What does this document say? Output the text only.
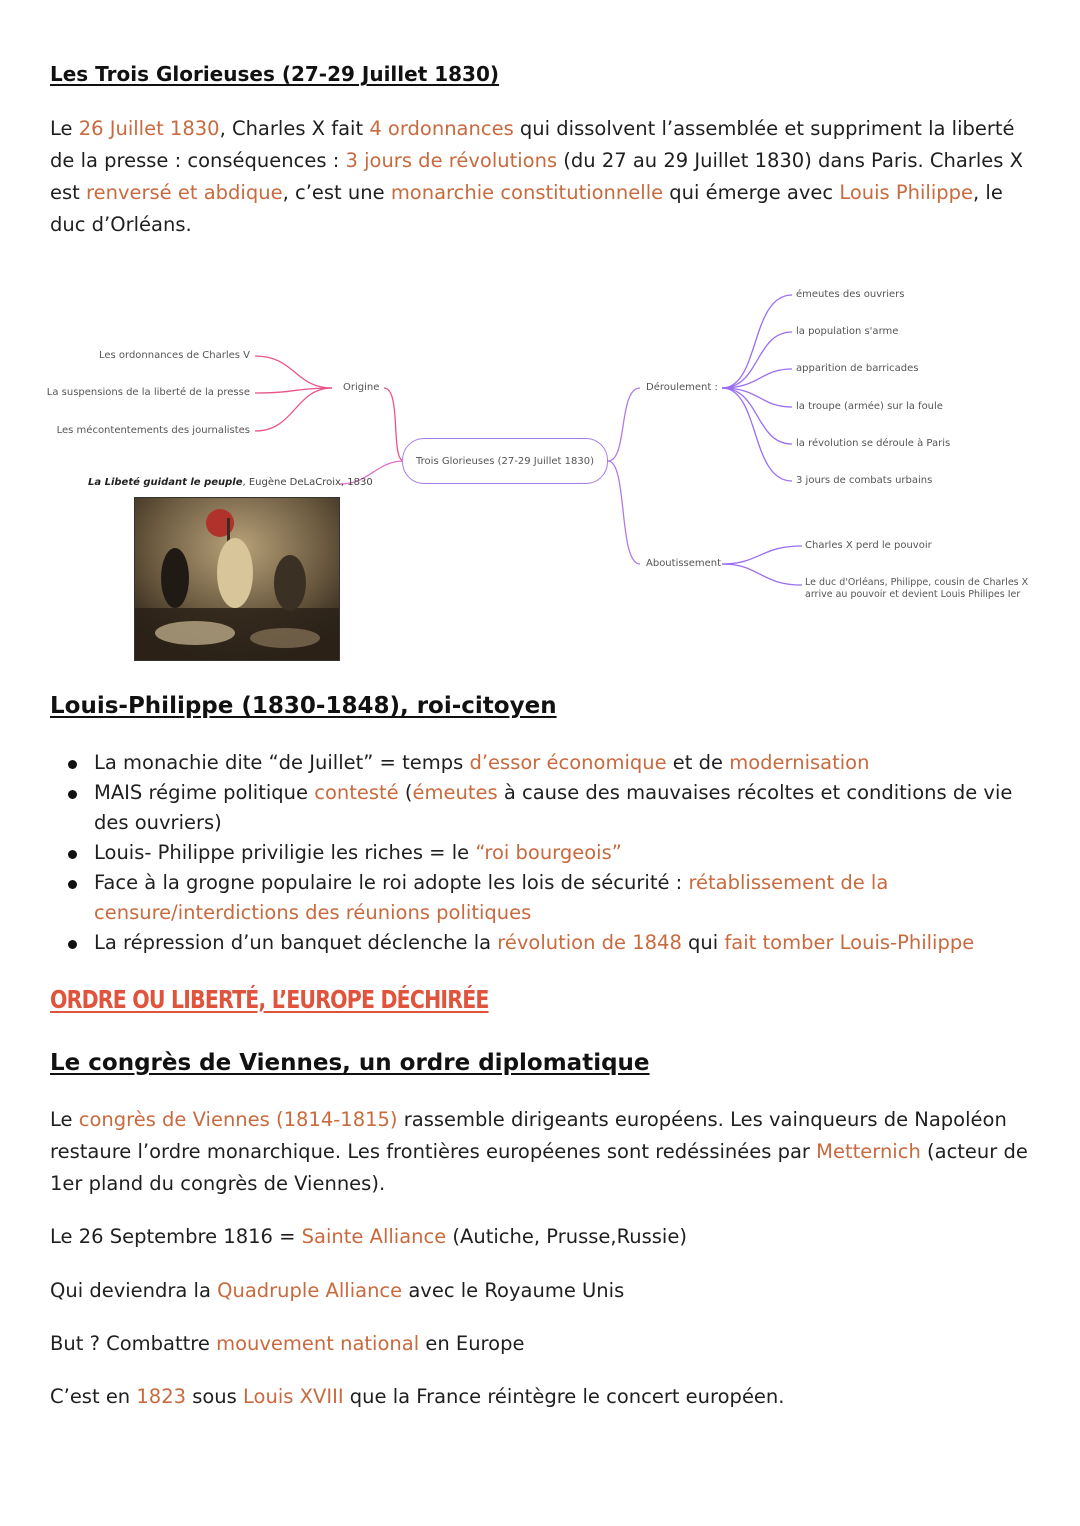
Les Trois Glorieuses (27-29 Juillet 1830)

Le 26 Juillet 1830, Charles X fait 4 ordonnances qui dissolvent l’assemblée et suppriment la liberté de la presse : conséquences : 3 jours de révolutions (du 27 au 29 Juillet 1830) dans Paris. Charles X est renversé et abdique, c’est une monarchie constitutionnelle qui émerge avec Louis Philippe, le duc d’Orléans.

Les ordonnances de Charles V
La suspensions de la liberté de la presse
Les mécontentements des journalistes
Origine
Trois Glorieuses (27-29 Juillet 1830)
La Libeté guidant le peuple, Eugène DeLaCroix, 1830
Déroulement :
émeutes des ouvriers
la population s'arme
apparition de barricades
la troupe (armée) sur la foule
la révolution se déroule à Paris
3 jours de combats urbains
Aboutissement
Charles X perd le pouvoir
Le duc d'Orléans, Philippe, cousin de Charles X arrive au pouvoir et devient Louis Philipes Ier
Louis-Philippe (1830-1848), roi-citoyen
La monachie dite “de Juillet” = temps d’essor économique et de modernisation
MAIS régime politique contesté (émeutes à cause des mauvaises récoltes et conditions de vie des ouvriers)
Louis- Philippe priviligie les riches = le “roi bourgeois”
Face à la grogne populaire le roi adopte les lois de sécurité : rétablissement de la censure/interdictions des réunions politiques
La répression d’un banquet déclenche la révolution de 1848 qui fait tomber Louis-Philippe
ORDRE OU LIBERTÉ, L’EUROPE DÉCHIRÉE
Le congrès de Viennes, un ordre diplomatique

Le congrès de Viennes (1814-1815) rassemble dirigeants européens. Les vainqueurs de Napoléon restaure l’ordre monarchique. Les frontières européenes sont redéssinées par Metternich (acteur de 1er pland du congrès de Viennes).

Le 26 Septembre 1816 = Sainte Alliance (Autiche, Prusse,Russie)

Qui deviendra la Quadruple Alliance avec le Royaume Unis

But ? Combattre mouvement national en Europe

C’est en 1823 sous Louis XVIII que la France réintègre le concert européen.
